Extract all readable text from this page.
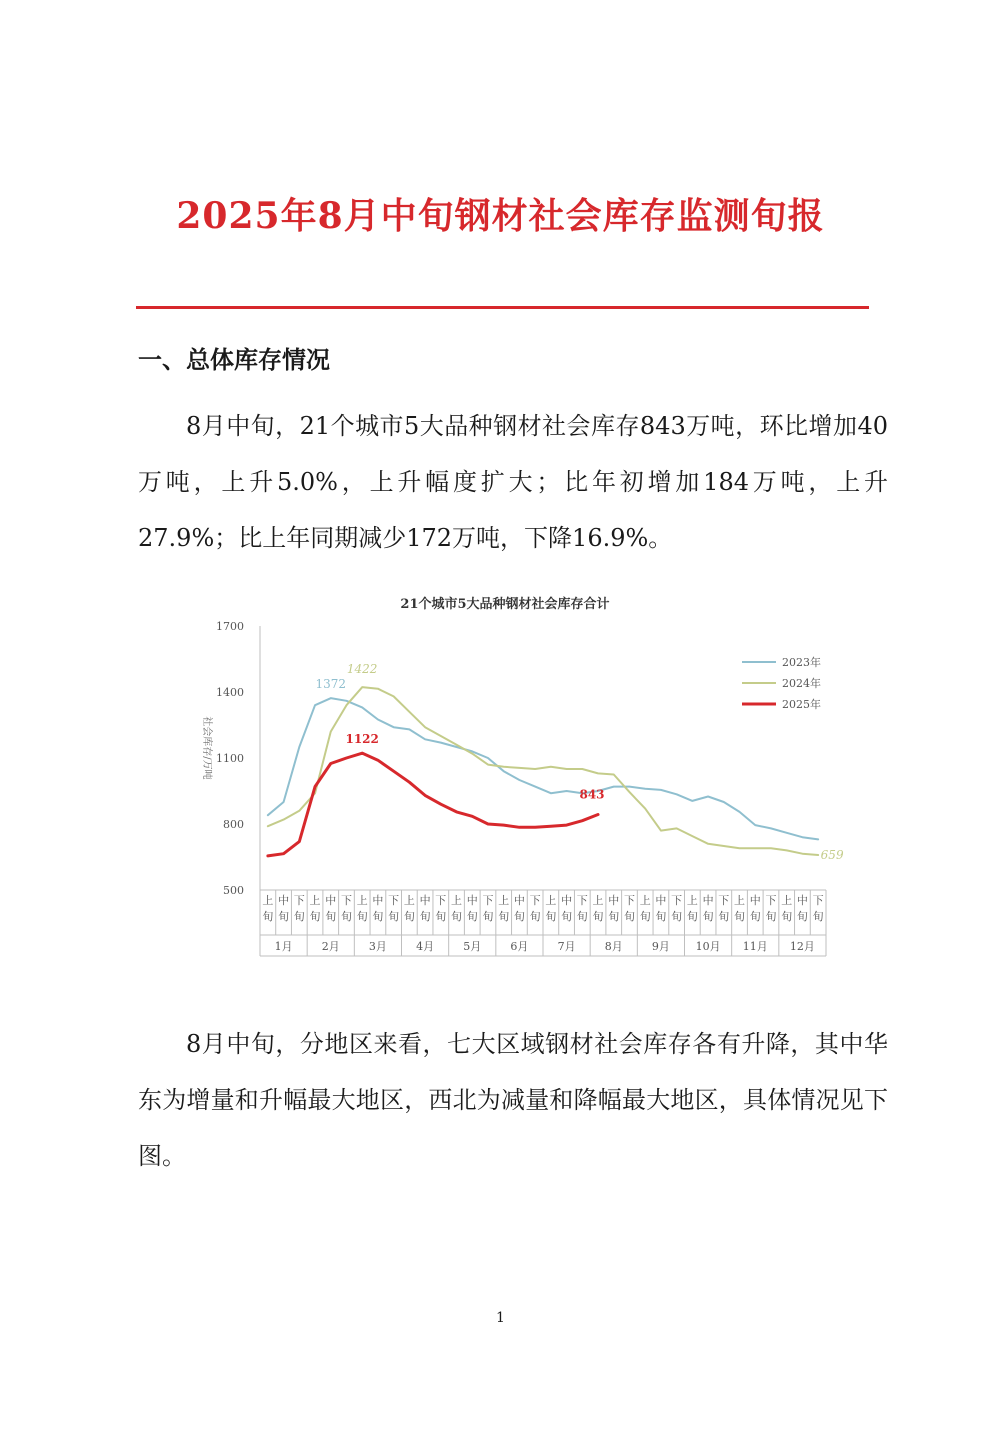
2025年8月中旬钢材社会库存监测旬报
一、总体库存情况

8月中旬，21个城市5大品种钢材社会库存843万吨，环比增加40万吨，上升5.0%，上升幅度扩大；比年初增加184万吨，上升27.9%；比上年同期减少172万吨，下降16.9%。

21个城市5大品种钢材社会库存合计
500
800
1100
1400
1700
社会库存/万吨
上
旬
中
旬
下
旬
上
旬
中
旬
下
旬
上
旬
中
旬
下
旬
上
旬
中
旬
下
旬
上
旬
中
旬
下
旬
上
旬
中
旬
下
旬
上
旬
中
旬
下
旬
上
旬
中
旬
下
旬
上
旬
中
旬
下
旬
上
旬
中
旬
下
旬
上
旬
中
旬
下
旬
上
旬
中
旬
下
旬
1月	2月	3月	4月	5月	6月	7月	8月	9月 10月 11月 12月
1372
1422
1122
843
659
2023年
2024年
2025年

8月中旬，分地区来看，七大区域钢材社会库存各有升降，其中华东为增量和升幅最大地区，西北为减量和降幅最大地区，具体情况见下图。

1
